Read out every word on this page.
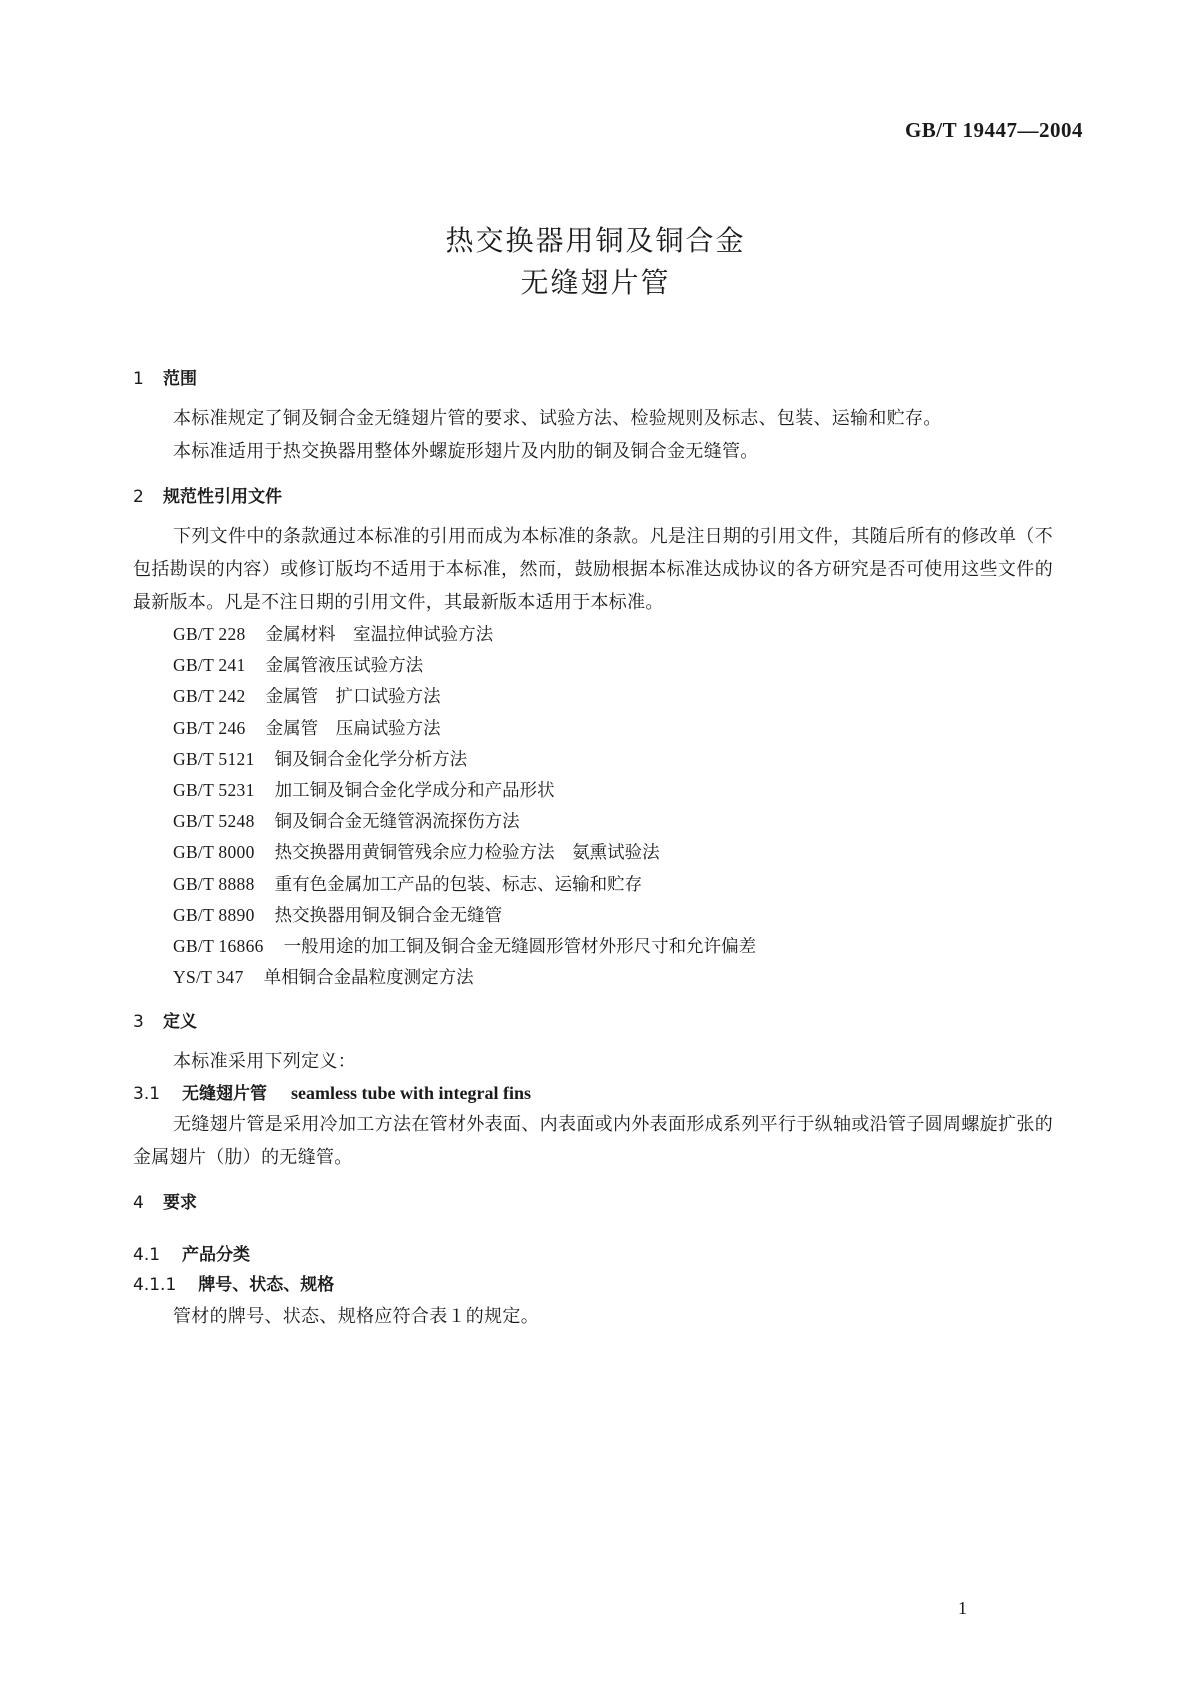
GB/T 19447—2004
热交换器用铜及铜合金
无缝翅片管
1 范围
本标准规定了铜及铜合金无缝翅片管的要求、试验方法、检验规则及标志、包装、运输和贮存。
本标准适用于热交换器用整体外螺旋形翅片及内肋的铜及铜合金无缝管。
2 规范性引用文件
下列文件中的条款通过本标准的引用而成为本标准的条款。凡是注日期的引用文件，其随后所有的修改单（不包括勘误的内容）或修订版均不适用于本标准，然而，鼓励根据本标准达成协议的各方研究是否可使用这些文件的最新版本。凡是不注日期的引用文件，其最新版本适用于本标准。
GB/T 228 金属材料　室温拉伸试验方法
GB/T 241 金属管液压试验方法
GB/T 242 金属管　扩口试验方法
GB/T 246 金属管　压扁试验方法
GB/T 5121 铜及铜合金化学分析方法
GB/T 5231 加工铜及铜合金化学成分和产品形状
GB/T 5248 铜及铜合金无缝管涡流探伤方法
GB/T 8000 热交换器用黄铜管残余应力检验方法　氨熏试验法
GB/T 8888 重有色金属加工产品的包装、标志、运输和贮存
GB/T 8890 热交换器用铜及铜合金无缝管
GB/T 16866 一般用途的加工铜及铜合金无缝圆形管材外形尺寸和允许偏差
YS/T 347 单相铜合金晶粒度测定方法
3 定义
本标准采用下列定义：
3.1 无缝翅片管 seamless tube with integral fins
无缝翅片管是采用冷加工方法在管材外表面、内表面或内外表面形成系列平行于纵轴或沿管子圆周螺旋扩张的金属翅片（肋）的无缝管。
4 要求
4.1 产品分类
4.1.1 牌号、状态、规格
管材的牌号、状态、规格应符合表１的规定。
1
